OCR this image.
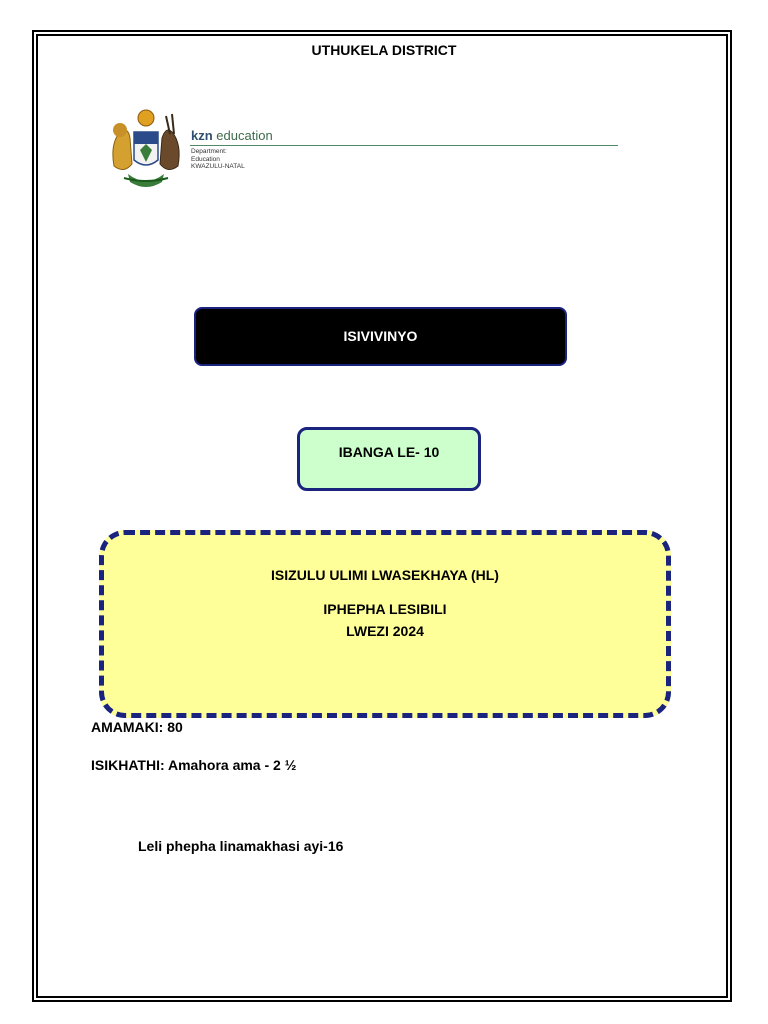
UTHUKELA DISTRICT
kzn education
Department:
Education
KWAZULU-NATAL
ISIVIVINYO
IBANGA LE- 10
ISIZULU ULIMI LWASEKHAYA (HL)
IPHEPHA LESIBILI
LWEZI 2024
AMAMAKI: 80
ISIKHATHI: Amahora ama - 2 ½
Leli phepha linamakhasi ayi-16
